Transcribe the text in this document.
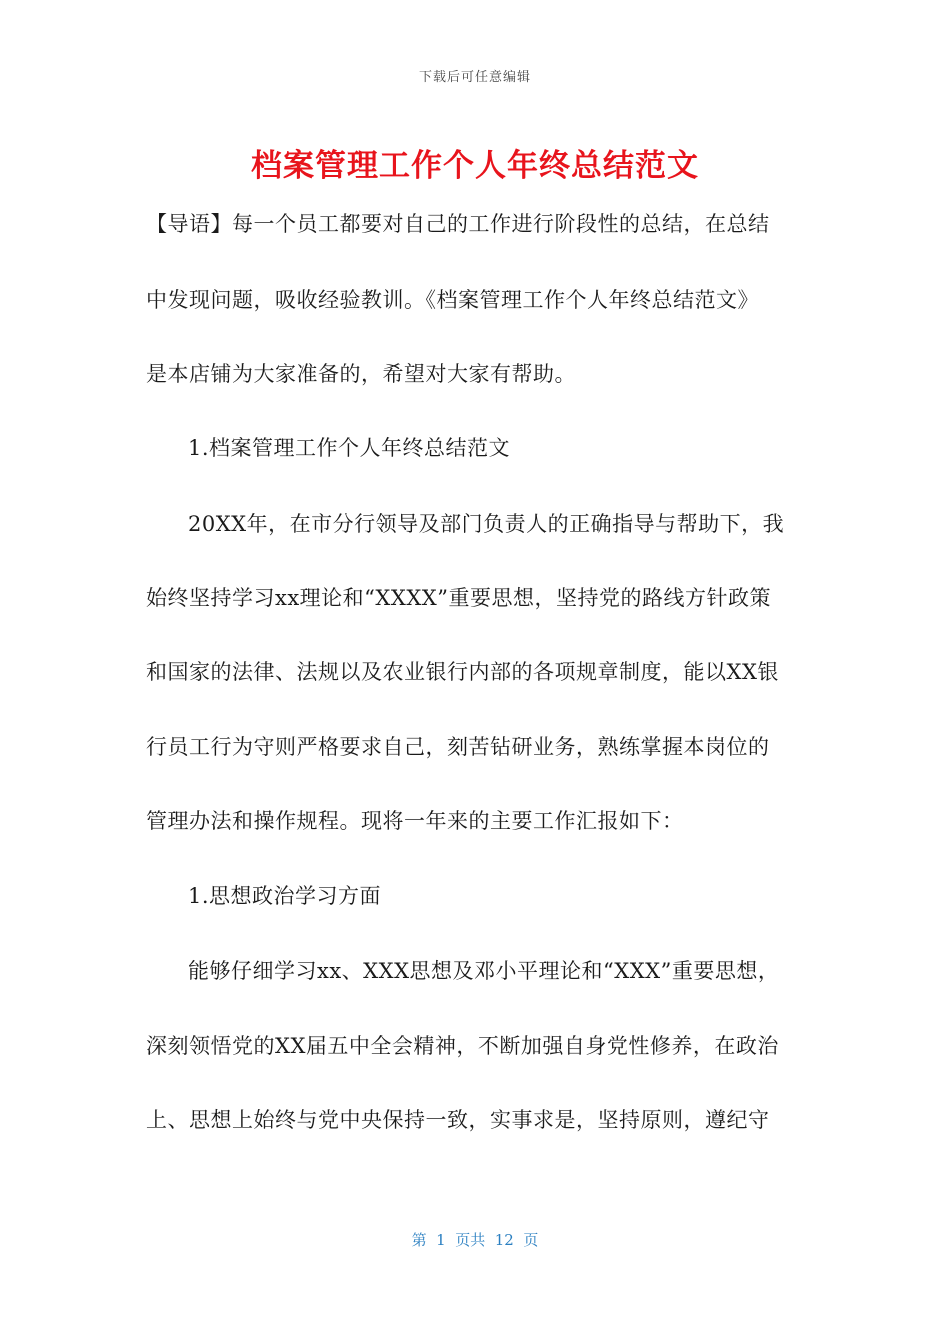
下载后可任意编辑
档案管理工作个人年终总结范文
【导语】每一个员工都要对自己的工作进行阶段性的总结，在总结
中发现问题，吸收经验教训。《档案管理工作个人年终总结范文》
是本店铺为大家准备的，希望对大家有帮助。
1.档案管理工作个人年终总结范文
20XX年，在市分行领导及部门负责人的正确指导与帮助下，我
始终坚持学习xx理论和“XXXX”重要思想，坚持党的路线方针政策
和国家的法律、法规以及农业银行内部的各项规章制度，能以XX银
行员工行为守则严格要求自己，刻苦钻研业务，熟练掌握本岗位的
管理办法和操作规程。现将一年来的主要工作汇报如下：
1.思想政治学习方面
能够仔细学习xx、XXX思想及邓小平理论和“XXX”重要思想，
深刻领悟党的XX届五中全会精神，不断加强自身党性修养，在政治
上、思想上始终与党中央保持一致，实事求是，坚持原则，遵纪守
第  1  页共  12  页
